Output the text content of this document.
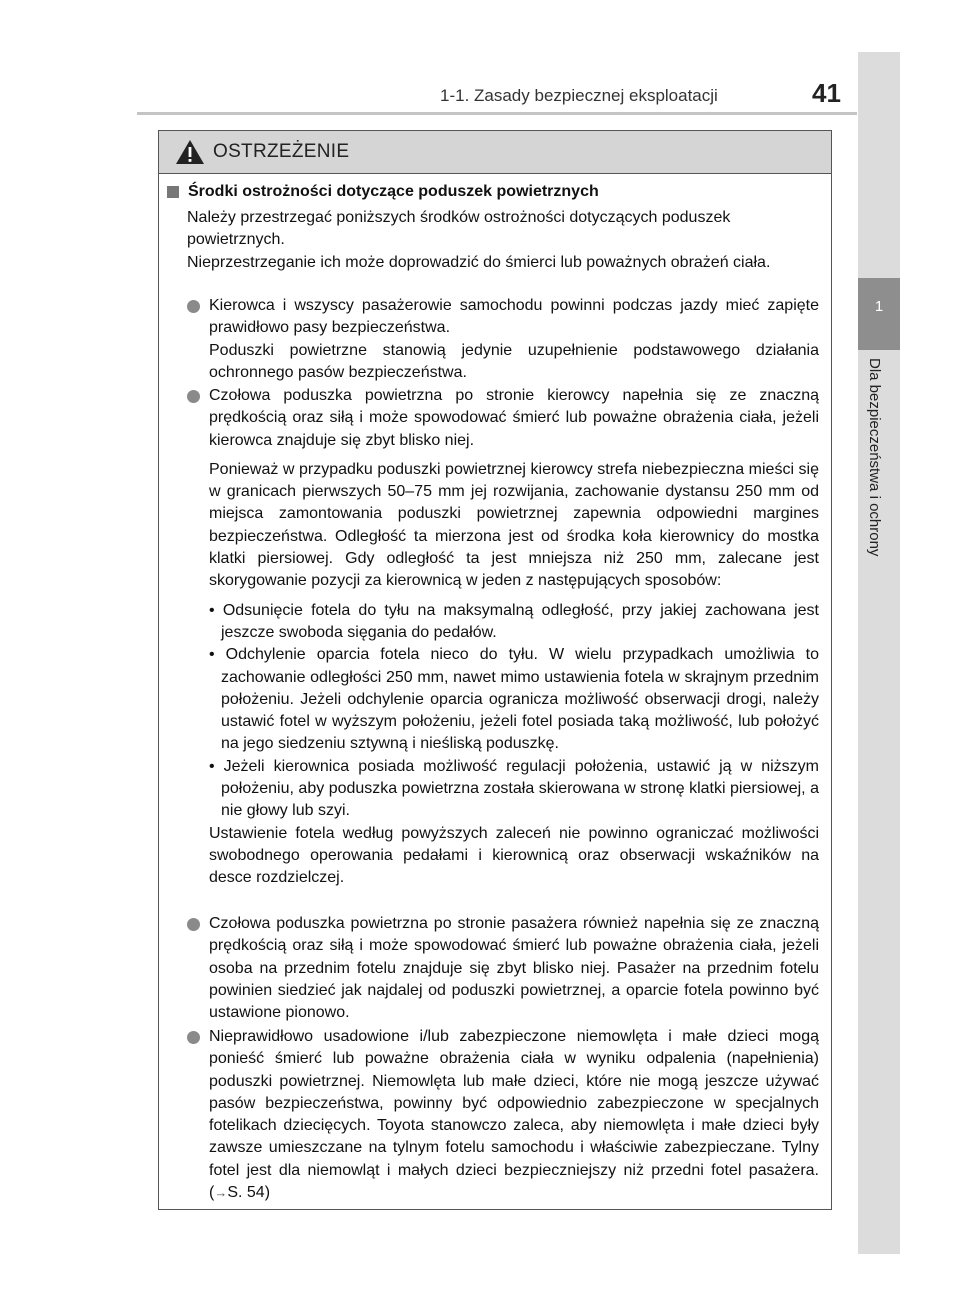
1-1. Zasady bezpiecznej eksploatacji	41
1
Dla bezpieczeństwa i ochrony
OSTRZEŻENIE
Środki ostrożności dotyczące poduszek powietrznych

Należy przestrzegać poniższych środków ostrożności dotyczących poduszek powietrznych.

Nieprzestrzeganie ich może doprowadzić do śmierci lub poważnych obrażeń ciała.

Kierowca i wszyscy pasażerowie samochodu powinni podczas jazdy mieć zapięte prawidłowo pasy bezpieczeństwa.

Poduszki powietrzne stanowią jedynie uzupełnienie podstawowego działania ochronnego pasów bezpieczeństwa.

Czołowa poduszka powietrzna po stronie kierowcy napełnia się ze znaczną prędkością oraz siłą i może spowodować śmierć lub poważne obrażenia ciała, jeżeli kierowca znajduje się zbyt blisko niej.

Ponieważ w przypadku poduszki powietrznej kierowcy strefa niebezpieczna mieści się w granicach pierwszych 50–75 mm jej rozwijania, zachowanie dystansu 250 mm od miejsca zamontowania poduszki powietrznej zapewnia odpowiedni margines bezpieczeństwa. Odległość ta mierzona jest od środka koła kierownicy do mostka klatki piersiowej. Gdy odległość ta jest mniejsza niż 250 mm, zalecane jest skorygowanie pozycji za kierownicą w jeden z następujących sposobów:

• Odsunięcie fotela do tyłu na maksymalną odległość, przy jakiej zachowana jest jeszcze swoboda sięgania do pedałów.

• Odchylenie oparcia fotela nieco do tyłu. W wielu przypadkach umożliwia to zachowanie odległości 250 mm, nawet mimo ustawienia fotela w skrajnym przednim położeniu. Jeżeli odchylenie oparcia ogranicza możliwość obserwacji drogi, należy ustawić fotel w wyższym położeniu, jeżeli fotel posiada taką możliwość, lub położyć na jego siedzeniu sztywną i nieśliską poduszkę.

• Jeżeli kierownica posiada możliwość regulacji położenia, ustawić ją w niższym położeniu, aby poduszka powietrzna została skierowana w stronę klatki piersiowej, a nie głowy lub szyi.

Ustawienie fotela według powyższych zaleceń nie powinno ograniczać możliwości swobodnego operowania pedałami i kierownicą oraz obserwacji wskaźników na desce rozdzielczej.

Czołowa poduszka powietrzna po stronie pasażera również napełnia się ze znaczną prędkością oraz siłą i może spowodować śmierć lub poważne obrażenia ciała, jeżeli osoba na przednim fotelu znajduje się zbyt blisko niej. Pasażer na przednim fotelu powinien siedzieć jak najdalej od poduszki powietrznej, a oparcie fotela powinno być ustawione pionowo.

Nieprawidłowo usadowione i/lub zabezpieczone niemowlęta i małe dzieci mogą ponieść śmierć lub poważne obrażenia ciała w wyniku odpalenia (napełnienia) poduszki powietrznej. Niemowlęta lub małe dzieci, które nie mogą jeszcze używać pasów bezpieczeństwa, powinny być odpowiednio zabezpieczone w specjalnych fotelikach dziecięcych. Toyota stanowczo zaleca, aby niemowlęta i małe dzieci były zawsze umieszczane na tylnym fotelu samochodu i właściwie zabezpieczane. Tylny fotel jest dla niemowląt i małych dzieci bezpieczniejszy niż przedni fotel pasażera. (→S. 54)
